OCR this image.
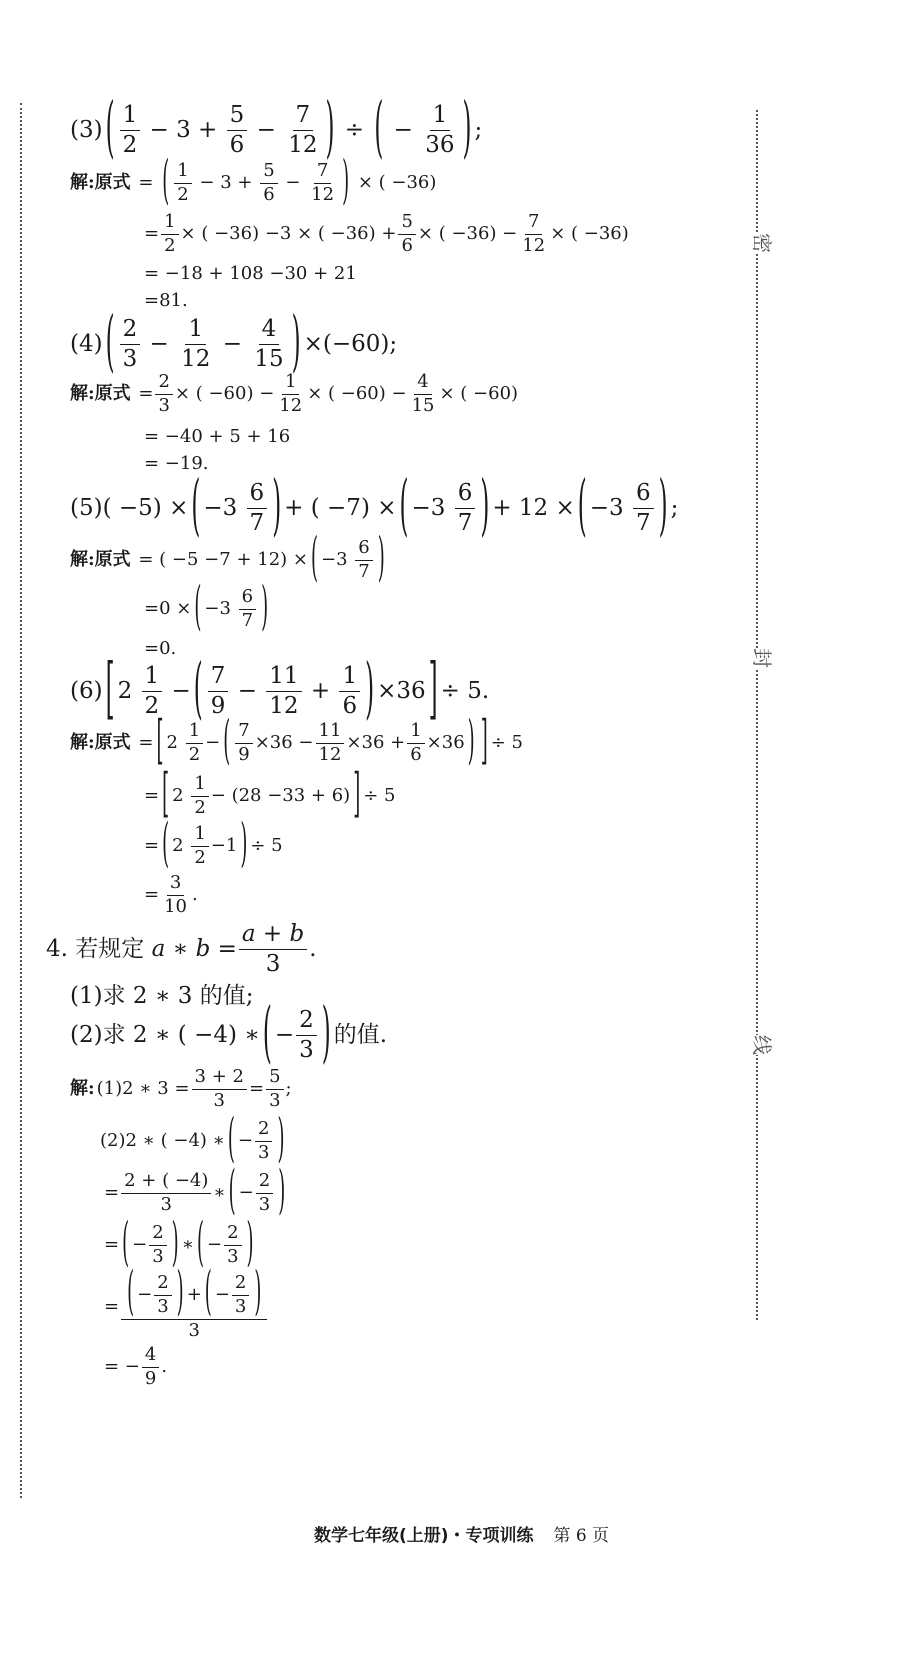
密
封
线
(3) ( $\frac{1}{2} - 3 + \frac{5}{6} - \frac{7}{12}$ ) ÷ ( − $\frac{1}{36}$ ) ;
解:原式 = ( $\frac{1}{2} - 3 + \frac{5}{6} - \frac{7}{12}$ ) × ( −36)
= $\frac{1}{2}$ × ( −36) −3 × ( $-36) + \frac{5}{6}$ × ( $-36) - \frac{7}{12}$ × ( −36)
= −18 + 108 −30 + 21
=81.
(4) ( $\frac{2}{3} - \frac{1}{12} - \frac{4}{15}$ ) ×(−60);
解:原式 = $\frac{2}{3}$ × ( $-60) - \frac{1}{12}$ × ( $-60) - \frac{4}{15}$ × ( −60)
= −40 + 5 + 16
= −19.
(5) ( −5) × ( $-3 \frac{6}{7}$ ) + ( −7) × ( $-3 \frac{6}{7}$ ) + 12 × ( $-3 \frac{6}{7}$ ) ;
解:原式 = ( −5 −7 + 12) × ( $-3 \frac{6}{7}$ )
=0 × ( $-3 \frac{6}{7}$ )
=0.
(6) [ $2 \frac{1}{2}$ − ( $\frac{7}{9} - \frac{11}{12} + \frac{1}{6}$ ) ×36 ] ÷ 5.
解:原式 = [ $2 \frac{1}{2}$ − ( $\frac{7}{9} \times 36 - \frac{11}{12} \times 36 + \frac{1}{6} \times 36$ ) ] ÷ 5
= [ $2 \frac{1}{2} - (28 -33 + 6)$ ] ÷ 5
= ( $2 \frac{1}{2} -1$ ) ÷ 5
= $\frac{3}{10}$ .
4. 若规定 a ∗ $b = \frac{a + b}{3}$ .
(1)求 2 ∗ 3 的值;
(2)求 2 ∗ ( −4) ∗ ( − $\frac{2}{3}$ ) 的值.
解: (1)2 ∗ $3 = \frac{3 + 2}{3} = \frac{5}{3}$ ;
(2)2 ∗ ( −4) ∗ ( − $\frac{2}{3}$ )
= $\frac{2 + ( -4)}{3}$ ∗ ( − $\frac{2}{3}$ )
= ( − $\frac{2}{3}$ ) ∗ ( − $\frac{2}{3}$ )
= $\frac{( - \frac{2}{3} ) + ( - \frac{2}{3} )}{3}$
= − $\frac{4}{9}$ .
数学七年级(上册)・专项训练 第 6 页
